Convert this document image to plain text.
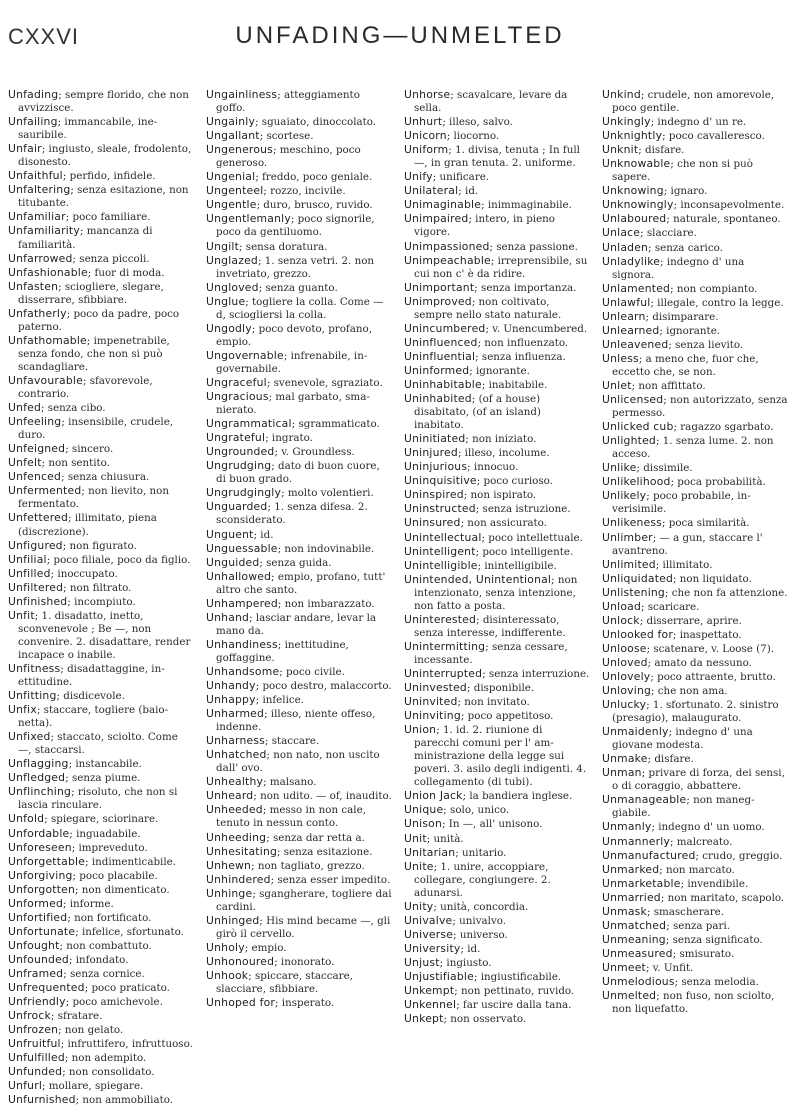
CXXVI	UNFADING—UNMELTED
Unfading; sempre florido, che non avvizzisce.
Unfailing; immancabile, inesauribile.
Unfair; ingiusto, sleale, frodolento, disonesto.
Unfaithful; perfido, infidele.
Unfaltering; senza esitazione, non titubante.
Unfamiliar; poco familiare.
Unfamiliarity; mancanza di familiarità.
Unfarrowed; senza piccoli.
Unfashionable; fuor di moda.
Unfasten; sciogliere, slegare, disserrare, sfibbiare.
Unfatherly; poco da padre, poco paterno.
Unfathomable; impenetrabile, senza fondo, che non si può scandagliare.
Unfavourable; sfavorevole, contrario.
Unfed; senza cibo.
Unfeeling; insensibile, crudele, duro.
Unfeigned; sincero.
Unfelt; non sentito.
Unfenced; senza chiusura.
Unfermented; non lievito, non fermentato.
Unfettered; illimitato, piena (discrezione).
Unfigured; non figurato.
Unfilial; poco filiale, poco da figlio.
Unfilled; inoccupato.
Unfiltered; non filtrato.
Unfinished; incompiuto.
Unfit; 1. disadatto, inetto, sconvenevole ; Be —, non convenire. 2. disadattare, render incapace o inabile.
Unfitness; disadattaggine, inettitudine.
Unfitting; disdicevole.
Unfix; staccare, togliere (baionetta).
Unfixed; staccato, sciolto. Come —, staccarsi.
Unflagging; instancabile.
Unfledged; senza piume.
Unflinching; risoluto, che non si lascia rinculare.
Unfold; spiegare, sciorinare.
Unfordable; inguadabile.
Unforeseen; impreveduto.
Unforgettable; indimenticabile.
Unforgiving; poco placabile.
Unforgotten; non dimenticato.
Unformed; informe.
Unfortified; non fortificato.
Unfortunate; infelice, sfortunato.
Unfought; non combattuto.
Unfounded; infondato.
Unframed; senza cornice.
Unfrequented; poco praticato.
Unfriendly; poco amichevole.
Unfrock; sfratare.
Unfrozen; non gelato.
Unfruitful; infruttifero, infruttuoso.
Unfulfilled; non adempito.
Unfunded; non consolidato.
Unfurl; mollare, spiegare.
Unfurnished; non ammobiliato.
Ungainliness; atteggiamento goffo.
Ungainly; sguaiato, dinoccolato.
Ungallant; scortese.
Ungenerous; meschino, poco generoso.
Ungenial; freddo, poco geniale.
Ungenteel; rozzo, incivile.
Ungentle; duro, brusco, ruvido.
Ungentlemanly; poco signorile, poco da gentiluomo.
Ungilt; sensa doratura.
Unglazed; 1. senza vetri. 2. non invetriato, grezzo.
Ungloved; senza guanto.
Unglue; togliere la colla. Come —d, sciogliersi la colla.
Ungodly; poco devoto, profano, empio.
Ungovernable; infrenabile, ingovernabile.
Ungraceful; svenevole, sgraziato.
Ungracious; mal garbato, smanierato.
Ungrammatical; sgrammaticato.
Ungrateful; ingrato.
Ungrounded; v. Groundless.
Ungrudging; dato di buon cuore, di buon grado.
Ungrudgingly; molto volentieri.
Unguarded; 1. senza difesa. 2. sconsiderato.
Unguent; id.
Unguessable; non indovinabile.
Unguided; senza guida.
Unhallowed; empio, profano, tutt' altro che santo.
Unhampered; non imbarazzato.
Unhand; lasciar andare, levar la mano da.
Unhandiness; inettitudine, goffaggine.
Unhandsome; poco civile.
Unhandy; poco destro, malaccorto.
Unhappy; infelice.
Unharmed; illeso, niente offeso, indenne.
Unharness; staccare.
Unhatched; non nato, non uscito dall' ovo.
Unhealthy; malsano.
Unheard; non udito. — of, inaudito.
Unheeded; messo in non cale, tenuto in nessun conto.
Unheeding; senza dar retta a.
Unhesitating; senza esitazione.
Unhewn; non tagliato, grezzo.
Unhindered; senza esser impedito.
Unhinge; sgangherare, togliere dai cardini.
Unhinged; His mind became —, gli girò il cervello.
Unholy; empio.
Unhonoured; inonorato.
Unhook; spiccare, staccare, slacciare, sfibbiare.
Unhoped for; insperato.
Unhorse; scavalcare, levare da sella.
Unhurt; illeso, salvo.
Unicorn; liocorno.
Uniform; 1. divisa, tenuta ; In full —, in gran tenuta. 2. uniforme.
Unify; unificare.
Unilateral; id.
Unimaginable; inimmaginabile.
Unimpaired; intero, in pieno vigore.
Unimpassioned; senza passione.
Unimpeachable; irreprensibile, su cui non c' è da ridire.
Unimportant; senza importanza.
Unimproved; non coltivato, sempre nello stato naturale.
Unincumbered; v. Unencumbered.
Uninfluenced; non influenzato.
Uninfluential; senza influenza.
Uninformed; ignorante.
Uninhabitable; inabitabile.
Uninhabited; (of a house) disabitato, (of an island) inabitato.
Uninitiated; non iniziato.
Uninjured; illeso, incolume.
Uninjurious; innocuo.
Uninquisitive; poco curioso.
Uninspired; non ispirato.
Uninstructed; senza istruzione.
Uninsured; non assicurato.
Unintellectual; poco intellettuale.
Unintelligent; poco intelligente.
Unintelligible; inintelligibile.
Unintended, Unintentional; non intenzionato, senza intenzione, non fatto a posta.
Uninterested; disinteressato, senza interesse, indifferente.
Unintermitting; senza cessare, incessante.
Uninterrupted; senza interruzione.
Uninvested; disponibile.
Uninvited; non invitato.
Uninviting; poco appetitoso.
Union; 1. id. 2. riunione di parecchi comuni per l' amministrazione della legge sui poveri. 3. asilo degli indigenti. 4. collegamento (di tubi).
Union Jack; la bandiera inglese.
Unique; solo, unico.
Unison; In —, all' unisono.
Unit; unità.
Unitarian; unitario.
Unite; 1. unire, accoppiare, collegare, congiungere. 2. adunarsi.
Unity; unità, concordia.
Univalve; univalvo.
Universe; universo.
University; id.
Unjust; ingiusto.
Unjustifiable; ingiustificabile.
Unkempt; non pettinato, ruvido.
Unkennel; far uscire dalla tana.
Unkept; non osservato.
Unkind; crudele, non amorevole, poco gentile.
Unkingly; indegno d' un re.
Unknightly; poco cavalleresco.
Unknit; disfare.
Unknowable; che non si può sapere.
Unknowing; ignaro.
Unknowingly; inconsapevolmente.
Unlaboured; naturale, spontaneo.
Unlace; slacciare.
Unladen; senza carico.
Unladylike; indegno d' una signora.
Unlamented; non compianto.
Unlawful; illegale, contro la legge.
Unlearn; disimparare.
Unlearned; ignorante.
Unleavened; senza lievito.
Unless; a meno che, fuor che, eccetto che, se non.
Unlet; non affittato.
Unlicensed; non autorizzato, senza permesso.
Unlicked cub; ragazzo sgarbato.
Unlighted; 1. senza lume. 2. non acceso.
Unlike; dissimile.
Unlikelihood; poca probabilità.
Unlikely; poco probabile, inverisimile.
Unlikeness; poca similarità.
Unlimber; — a gun, staccare l' avantreno.
Unlimited; illimitato.
Unliquidated; non liquidato.
Unlistening; che non fa attenzione.
Unload; scaricare.
Unlock; disserrare, aprire.
Unlooked for; inaspettato.
Unloose; scatenare, v. Loose (7).
Unloved; amato da nessuno.
Unlovely; poco attraente, brutto.
Unloving; che non ama.
Unlucky; 1. sfortunato. 2. sinistro (presagio), malaugurato.
Unmaidenly; indegno d' una giovane modesta.
Unmake; disfare.
Unman; privare di forza, dei sensi, o di coraggio, abbattere.
Unmanageable; non maneggiabile.
Unmanly; indegno d' un uomo.
Unmannerly; malcreato.
Unmanufactured; crudo, greggio.
Unmarked; non marcato.
Unmarketable; invendibile.
Unmarried; non maritato, scapolo.
Unmask; smascherare.
Unmatched; senza pari.
Unmeaning; senza significato.
Unmeasured; smisurato.
Unmeet; v. Unfit.
Unmelodious; senza melodia.
Unmelted; non fuso, non sciolto, non liquefatto.
